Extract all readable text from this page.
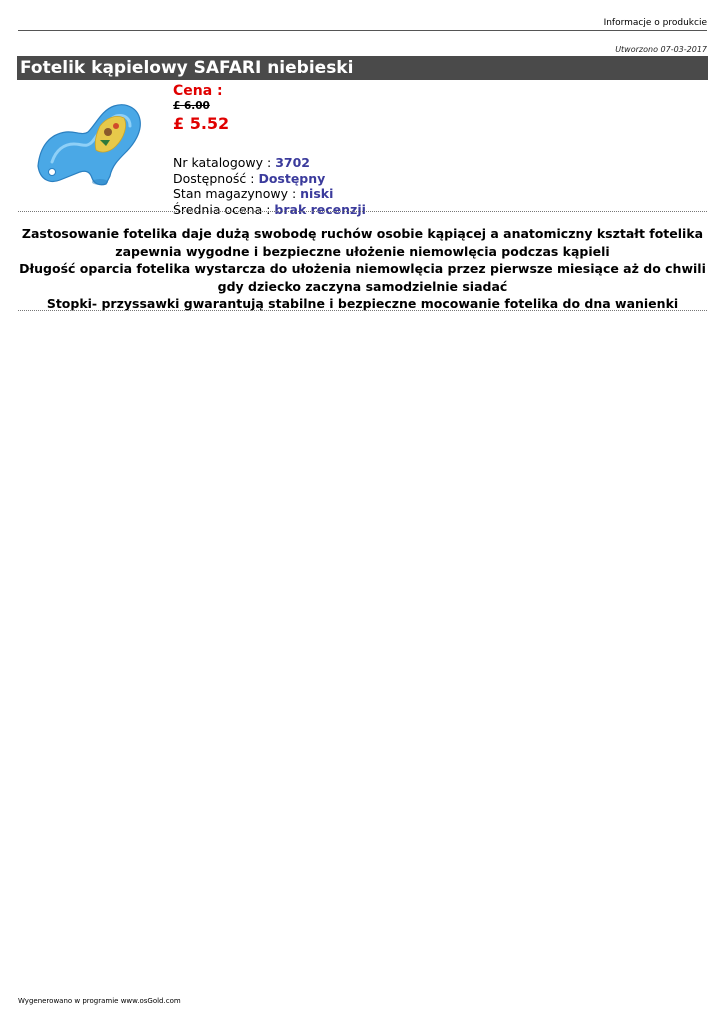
Informacje o produkcie
Utworzono 07-03-2017
Fotelik kąpielowy SAFARI niebieski
Cena :
£ 6.00
£ 5.52
Nr katalogowy : 3702
Dostępność : Dostępny
Stan magazynowy : niski
Średnia ocena : brak recenzji

Zastosowanie fotelika daje dużą swobodę ruchów osobie kąpiącej a anatomiczny kształt fotelika zapewnia wygodne i bezpieczne ułożenie niemowlęcia podczas kąpieli

Długość oparcia fotelika wystarcza do ułożenia niemowlęcia przez pierwsze miesiące aż do chwili gdy dziecko zaczyna samodzielnie siadać

Stopki- przyssawki gwarantują stabilne i bezpieczne mocowanie fotelika do dna wanienki

Wygenerowano w programie www.osGold.com
